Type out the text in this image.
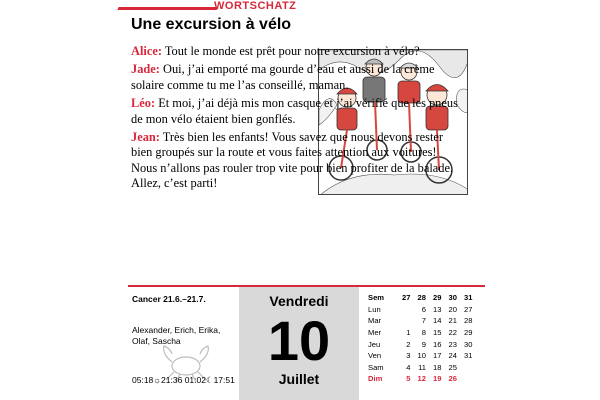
WORTSCHATZ
Une excursion à vélo

Alice: Tout le monde est prêt pour notre excursion à vélo?

Jade: Oui, j’ai emporté ma gourde d’eau et aussi de la crème solaire comme tu me l’as conseillé, maman.

Léo: Et moi, j’ai déjà mis mon casque et j’ai vérifié que les pneus de mon vélo étaient bien gonflés.

Jean: Très bien les enfants! Vous savez que nous devons rester bien groupés sur la route et vous faites attention aux voitures! Nous n’allons pas rouler trop vite pour bien profiter de la balade. Allez, c’est parti!

Cancer 21.6.–21.7.
Alexander, Erich, Erika,
Olaf, Sascha
05:18☼21:36 01:02☾17:51
Vendredi
10
Juillet
Sem	27	28	29	30	31
Lun		6	13	20	27
Mar		7	14	21	28
Mer	1	8	15	22	29
Jeu	2	9	16	23	30
Ven	3	10	17	24	31
Sam	4	11	18	25	
Dim	5	12	19	26	
